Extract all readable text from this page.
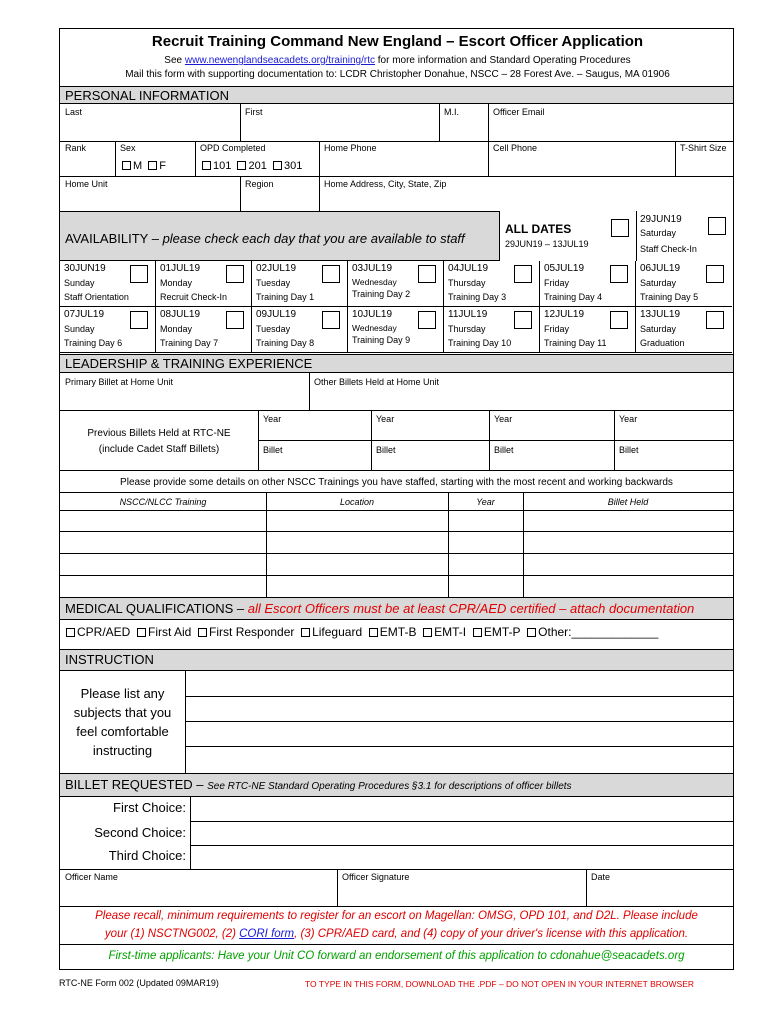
Recruit Training Command New England – Escort Officer Application
See www.newenglandseacadets.org/training/rtc for more information and Standard Operating Procedures
Mail this form with supporting documentation to: LCDR Christopher Donahue, NSCC – 28 Forest Ave. – Saugus, MA 01906
PERSONAL INFORMATION
Last	First	M.I.	Officer Email
Rank	Sex
M F
OPD Completed
101 201 301
Home Phone	Cell Phone	T-Shirt Size
Home Unit	Region	Home Address, City, State, Zip
AVAILABILITY – please check each day that you are available to staff
ALL DATES
29JUN19 – 13JUL19
29JUN19
Saturday
Staff Check-In
30JUN19
Sunday
Staff Orientation
01JUL19
Monday
Recruit Check-In
02JUL19
Tuesday
Training Day 1
03JUL19
Wednesday
Training Day 2
04JUL19
Thursday
Training Day 3
05JUL19
Friday
Training Day 4
06JUL19
Saturday
Training Day 5
07JUL19
Sunday
Training Day 6
08JUL19
Monday
Training Day 7
09JUL19
Tuesday
Training Day 8
10JUL19
Wednesday
Training Day 9
11JUL19
Thursday
Training Day 10
12JUL19
Friday
Training Day 11
13JUL19
Saturday
Graduation
LEADERSHIP & TRAINING EXPERIENCE
Primary Billet at Home Unit	Other Billets Held at Home Unit
Previous Billets Held at RTC-NE
(include Cadet Staff Billets)
Year	Year	Year	Year
Billet	Billet	Billet	Billet
Please provide some details on other NSCC Trainings you have staffed, starting with the most recent and working backwards
NSCC/NLCC Training	Location	Year	Billet Held
MEDICAL QUALIFICATIONS – all Escort Officers must be at least CPR/AED certified – attach documentation
CPR/AED First Aid First Responder Lifeguard EMT-B EMT-I EMT-P Other:_____________
INSTRUCTION
Please list any
subjects that you
feel comfortable
instructing
BILLET REQUESTED – See RTC-NE Standard Operating Procedures §3.1 for descriptions of officer billets
First Choice:
Second Choice:
Third Choice:
Officer Name	Officer Signature	Date
Please recall, minimum requirements to register for an escort on Magellan: OMSG, OPD 101, and D2L. Please include
your (1) NSCTNG002, (2) CORI form, (3) CPR/AED card, and (4) copy of your driver's license with this application.
First-time applicants: Have your Unit CO forward an endorsement of this application to cdonahue@seacadets.org
RTC-NE Form 002 (Updated 09MAR19)	TO TYPE IN THIS FORM, DOWNLOAD THE .PDF – DO NOT OPEN IN YOUR INTERNET BROWSER
